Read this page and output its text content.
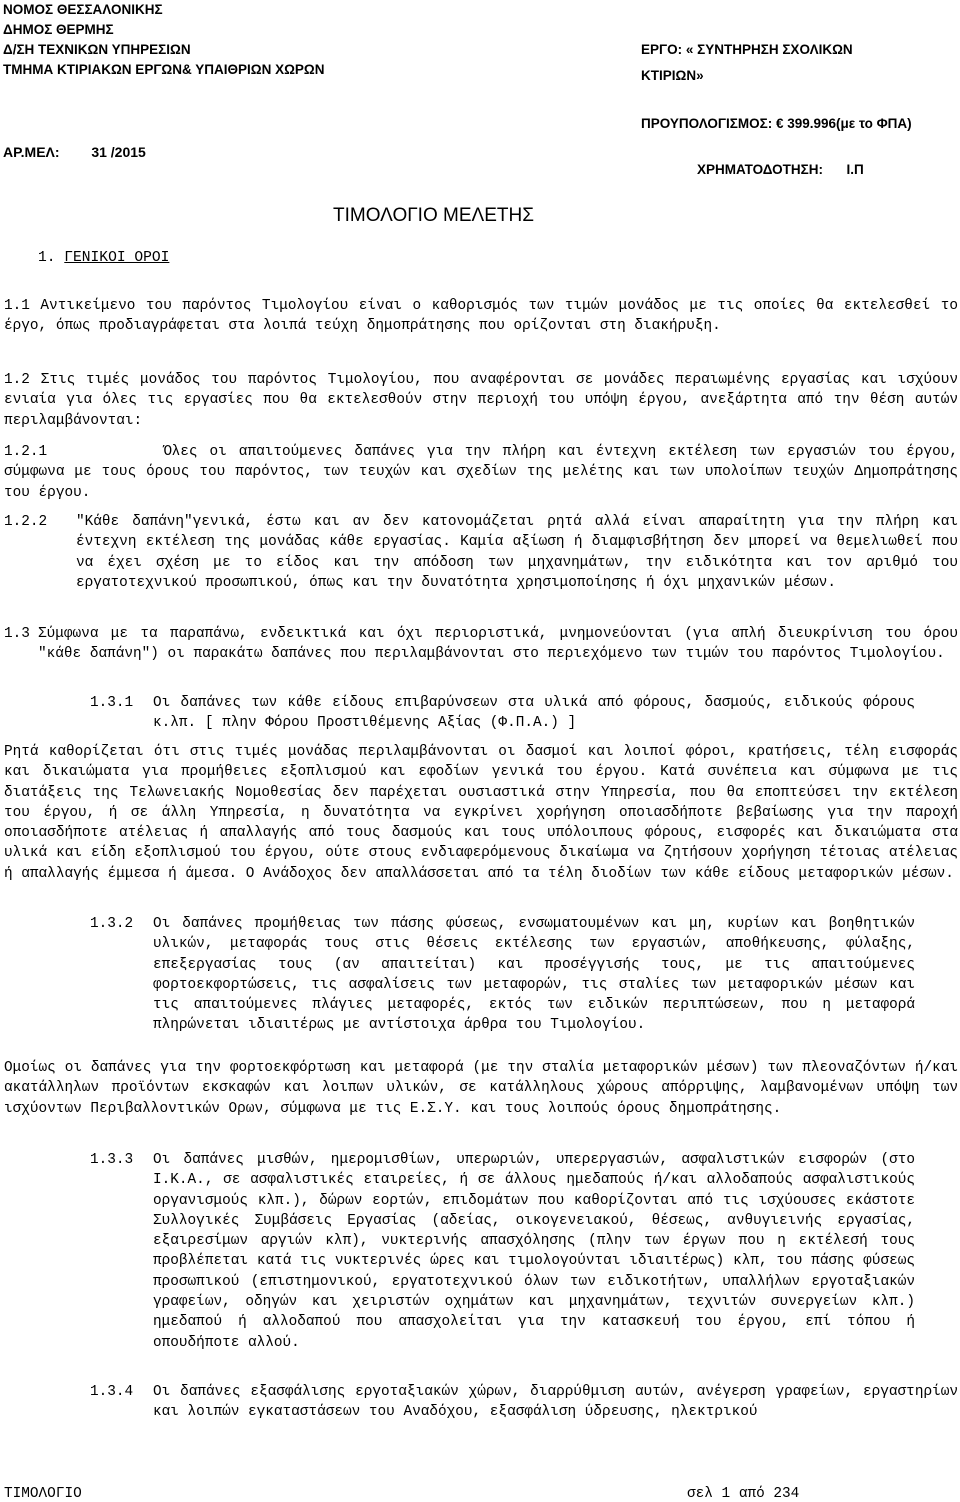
ΝΟΜΟΣ ΘΕΣΣΑΛΟΝΙΚΗΣ
ΔΗΜΟΣ ΘΕΡΜΗΣ
Δ/ΣΗ ΤΕΧΝΙΚΩΝ ΥΠΗΡΕΣΙΩΝ
ΤΜΗΜΑ ΚΤΙΡΙΑΚΩΝ ΕΡΓΩΝ& ΥΠΑΙΘΡΙΩΝ ΧΩΡΩΝ
ΑΡ.ΜΕΛ: 31 /2015
ΕΡΓΟ: « ΣΥΝΤΗΡΗΣΗ ΣΧΟΛΙΚΩΝ
ΚΤΙΡΙΩΝ»
ΠΡΟΥΠΟΛΟΓΙΣΜΟΣ: € 399.996(με το ΦΠΑ)
ΧΡΗΜΑΤΟΔΟΤΗΣΗ: Ι.Π
ΤΙΜΟΛΟΓΙΟ ΜΕΛΕΤΗΣ
1. ΓΕΝΙΚΟΙ ΟΡΟΙ

1.1 Αντικείμενο του παρόντος Τιμολογίου είναι ο καθορισμός των τιμών μονάδος με τις οποίες θα εκτελεσθεί το έργο, όπως προδιαγράφεται στα λοιπά τεύχη δημοπράτησης που ορίζονται στη διακήρυξη.

1.2 Στις τιμές μονάδος του παρόντος Τιμολογίου, που αναφέρονται σε μονάδες περαιωμένης εργασίας και ισχύουν ενιαία για όλες τις εργασίες που θα εκτελεσθούν στην περιοχή του υπόψη έργου, ανεξάρτητα από την θέση αυτών περιλαμβάνονται:

1.2.1	Όλες οι απαιτούμενες δαπάνες για την πλήρη και έντεχνη εκτέλεση των εργασιών του έργου, σύμφωνα με τους όρους του παρόντος, των τευχών και σχεδίων της μελέτης και των υπολοίπων τευχών Δημοπράτησης του έργου.

1.2.2 "Κάθε δαπάνη"γενικά, έστω και αν δεν κατονομάζεται ρητά αλλά είναι απαραίτητη για την πλήρη και έντεχνη εκτέλεση της μονάδας κάθε εργασίας. Καμία αξίωση ή διαμφισβήτηση δεν μπορεί να θεμελιωθεί που να έχει σχέση με το είδος και την απόδοση των μηχανημάτων, την ειδικότητα και τον αριθμό του εργατοτεχνικού προσωπικού, όπως και την δυνατότητα χρησιμοποίησης ή όχι μηχανικών μέσων.

1.3 Σύμφωνα με τα παραπάνω, ενδεικτικά και όχι περιοριστικά, μνημονεύονται (για απλή διευκρίνιση του όρου "κάθε δαπάνη") οι παρακάτω δαπάνες που περιλαμβάνονται στο περιεχόμενο των τιμών του παρόντος Τιμολογίου.

1.3.1 Οι δαπάνες των κάθε είδους επιβαρύνσεων στα υλικά από φόρους, δασμούς, ειδικούς φόρους κ.λπ. [ πλην Φόρου Προστιθέμενης Αξίας (Φ.Π.Α.) ]

Ρητά καθορίζεται ότι στις τιμές μονάδας περιλαμβάνονται οι δασμοί και λοιποί φόροι, κρατήσεις, τέλη εισφοράς και δικαιώματα για προμήθειες εξοπλισμού και εφοδίων γενικά του έργου. Κατά συνέπεια και σύμφωνα με τις διατάξεις της Τελωνειακής Νομοθεσίας δεν παρέχεται ουσιαστικά στην Υπηρεσία, που θα εποπτεύσει την εκτέλεση του έργου, ή σε άλλη Υπηρεσία, η δυνατότητα να εγκρίνει χορήγηση οποιασδήποτε βεβαίωσης για την παροχή οποιασδήποτε ατέλειας ή απαλλαγής από τους δασμούς και τους υπόλοιπους φόρους, εισφορές και δικαιώματα στα υλικά και είδη εξοπλισμού του έργου, ούτε στους ενδιαφερόμενους δικαίωμα να ζητήσουν χορήγηση τέτοιας ατέλειας ή απαλλαγής έμμεσα ή άμεσα. Ο Ανάδοχος δεν απαλλάσσεται από τα τέλη διοδίων των κάθε είδους μεταφορικών μέσων.

1.3.2 Οι δαπάνες προμήθειας των πάσης φύσεως, ενσωματουμένων και μη, κυρίων και βοηθητικών υλικών, μεταφοράς τους στις θέσεις εκτέλεσης των εργασιών, αποθήκευσης, φύλαξης, επεξεργασίας τους (αν απαιτείται) και προσέγγισής τους, με τις απαιτούμενες φορτοεκφορτώσεις, τις ασφαλίσεις των μεταφορών, τις σταλίες των μεταφορικών μέσων και τις απαιτούμενες πλάγιες μεταφορές, εκτός των ειδικών περιπτώσεων, που η μεταφορά πληρώνεται ιδιαιτέρως με αντίστοιχα άρθρα του Τιμολογίου.

Ομοίως οι δαπάνες για την φορτοεκφόρτωση και μεταφορά (με την σταλία μεταφορικών μέσων) των πλεοναζόντων ή/και ακατάλληλων προϊόντων εκσκαφών και λοιπων υλικών, σε κατάλληλους χώρους απόρριψης, λαμβανομένων υπόψη των ισχύοντων Περιβαλλοντικών Ορων, σύμφωνα με τις Ε.Σ.Υ. και τους λοιπούς όρους δημοπράτησης.

1.3.3 Οι δαπάνες μισθών, ημερομισθίων, υπερωριών, υπερεργασιών, ασφαλιστικών εισφορών (στο Ι.Κ.Α., σε ασφαλιστικές εταιρείες, ή σε άλλους ημεδαπούς ή/και αλλοδαπούς ασφαλιστικούς οργανισμούς κλπ.), δώρων εορτών, επιδομάτων που καθορίζονται από τις ισχύουσες εκάστοτε Συλλογικές Συμβάσεις Εργασίας (αδείας, οικογενειακού, θέσεως, ανθυγιεινής εργασίας, εξαιρεσίμων αργιών κλπ), νυκτερινής απασχόλησης (πλην των έργων που η εκτέλεσή τους προβλέπεται κατά τις νυκτερινές ώρες και τιμολογούνται ιδιαιτέρως) κλπ, του πάσης φύσεως προσωπικού (επιστημονικού, εργατοτεχνικού όλων των ειδικοτήτων, υπαλλήλων εργοταξιακών γραφείων, οδηγών και χειριστών οχημάτων και μηχανημάτων, τεχνιτών συνεργείων κλπ.) ημεδαπού ή αλλοδαπού που απασχολείται για την κατασκευή του έργου, επί τόπου ή οπουδήποτε αλλού.

1.3.4 Οι δαπάνες εξασφάλισης εργοταξιακών χώρων, διαρρύθμιση αυτών, ανέγερση γραφείων, εργαστηρίων και λοιπών εγκαταστάσεων του Αναδόχου, εξασφάλιση ύδρευσης, ηλεκτρικού

ΤΙΜΟΛΟΓΙΟ	σελ 1 από 234
